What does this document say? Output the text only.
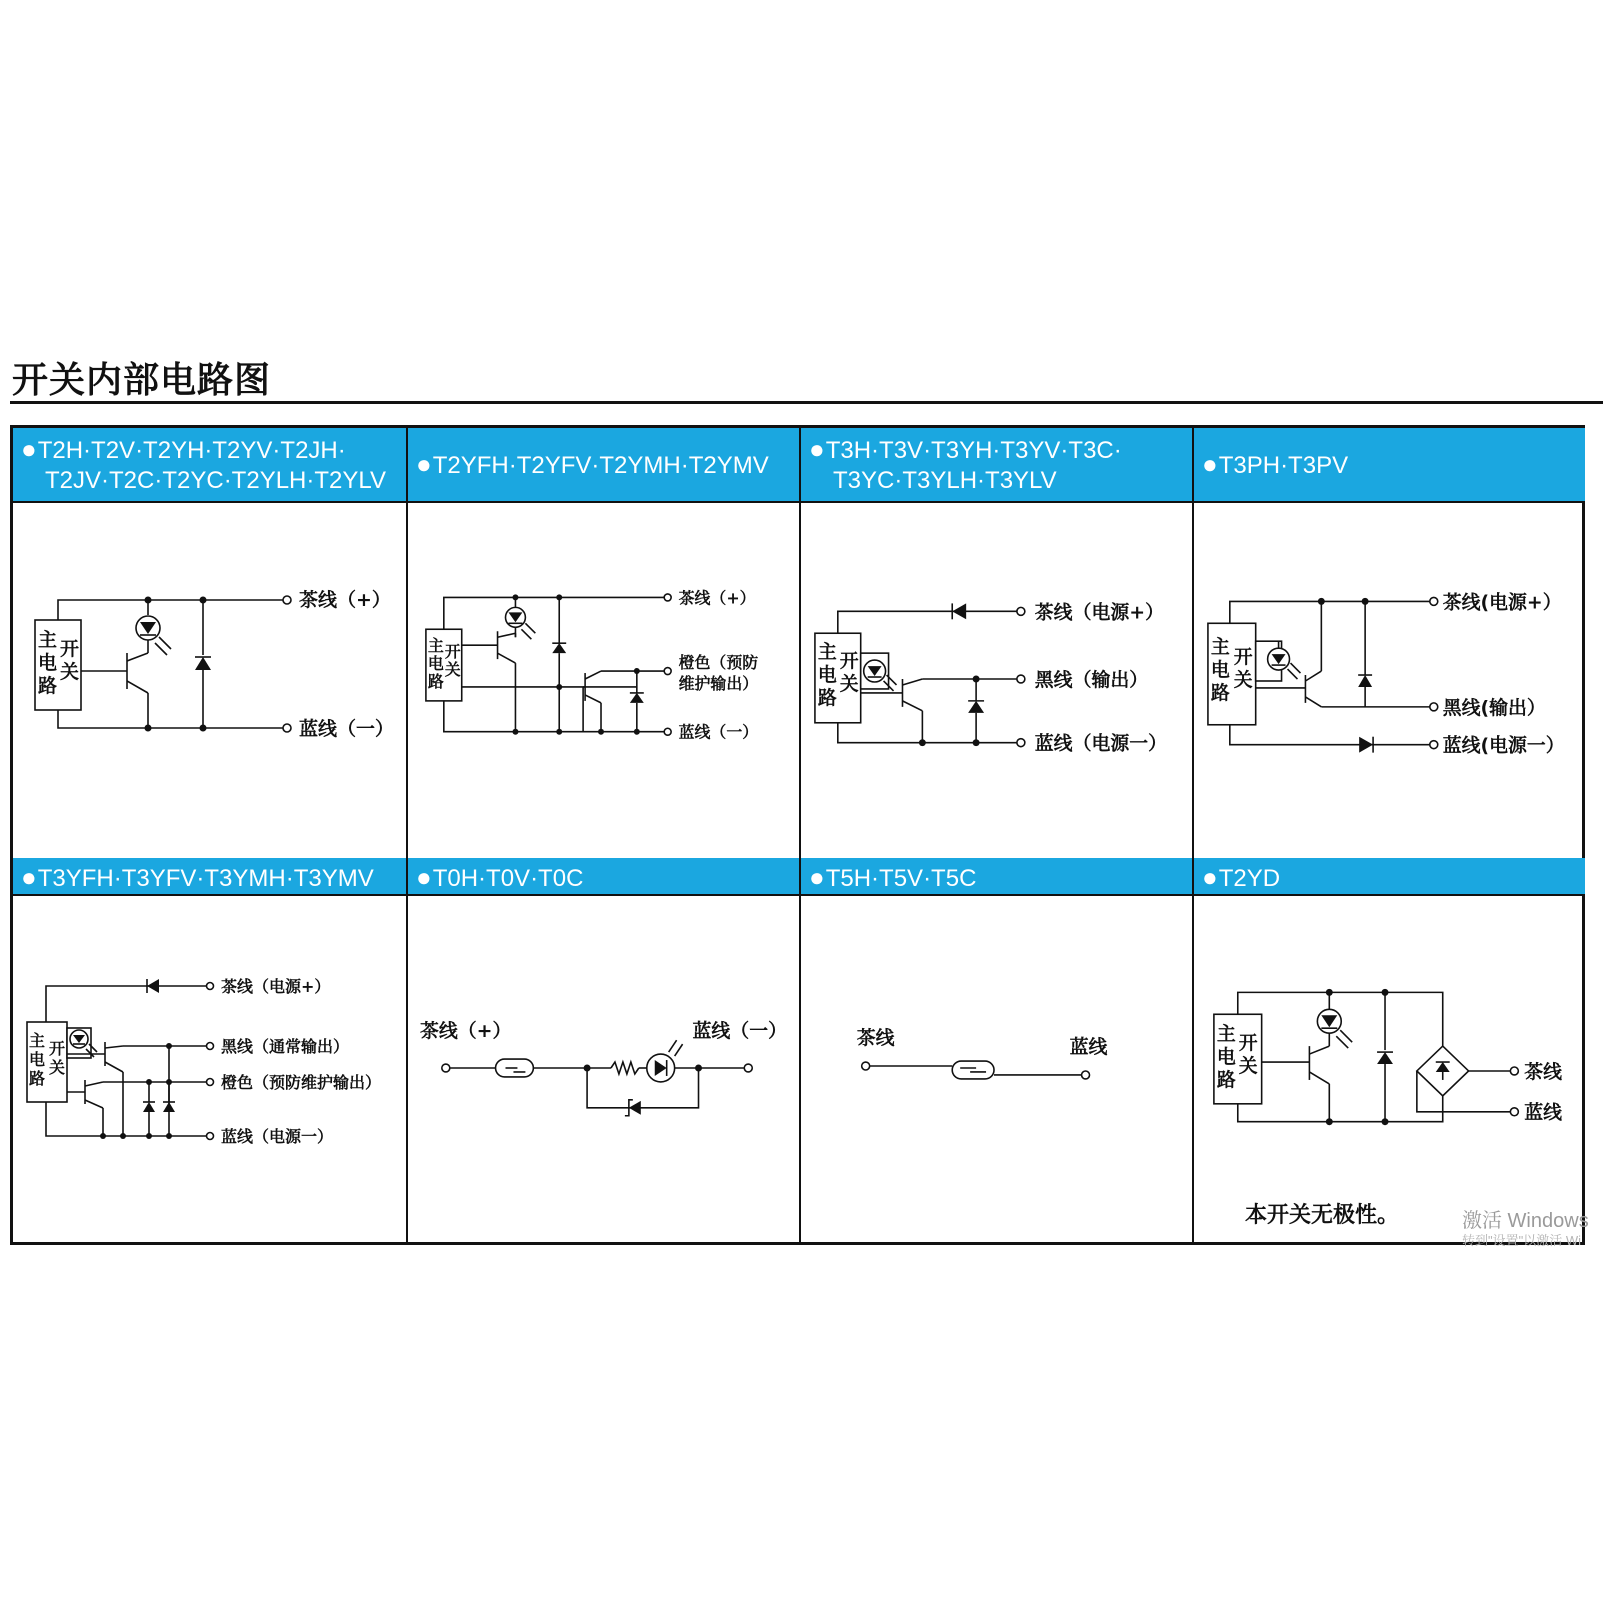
开关内部电路图
●T2H·T2V·T2YH·T2YV·T2JH·
T2JV·T2C·T2YC·T2YLH·T2YLV
主
电
路
开
关
茶线（+）
蓝线（一）
●T2YFH·T2YFV·T2YMH·T2YMV
主
电
路
开
关
茶线（+）
橙色（预防
维护输出）
蓝线（一）
●T3H·T3V·T3YH·T3YV·T3C·
T3YC·T3YLH·T3YLV
主
电
路
开
关
茶线（电源+）
黑线（输出）
蓝线（电源一）
●T3PH·T3PV
主
电
路
开
关
茶线(电源+）
黑线(输出）
蓝线(电源一）
●T3YFH·T3YFV·T3YMH·T3YMV
主
电
路
开
关
茶线（电源+）
黑线（通常输出）
橙色（预防维护输出）
蓝线（电源一）
●T0H·T0V·T0C
茶线（+）	蓝线（一）
●T5H·T5V·T5C
茶线	蓝线
●T2YD
主
电
路
开
关	茶线
蓝线
本开关无极性。	激活 Windows
转到"设置"以激活 Wi
